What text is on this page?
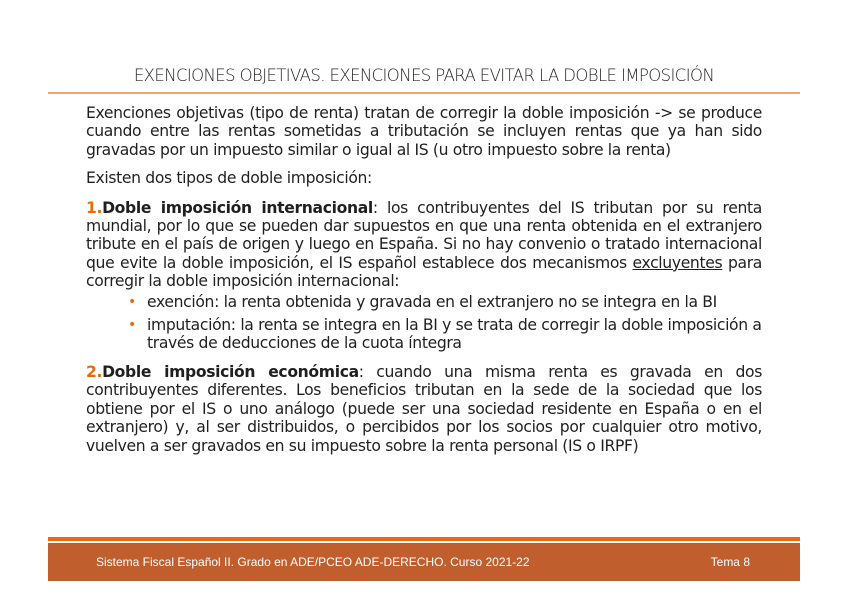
EXENCIONES OBJETIVAS. EXENCIONES PARA EVITAR LA DOBLE IMPOSICIÓN

Exenciones objetivas (tipo de renta) tratan de corregir la doble imposición -> se produce cuando entre las rentas sometidas a tributación se incluyen rentas que ya han sido gravadas por un impuesto similar o igual al IS (u otro impuesto sobre la renta)

Existen dos tipos de doble imposición:

1.Doble imposición internacional: los contribuyentes del IS tributan por su renta mundial, por lo que se pueden dar supuestos en que una renta obtenida en el extranjero tribute en el país de origen y luego en España. Si no hay convenio o tratado internacional que evite la doble imposición, el IS español establece dos mecanismos excluyentes para corregir la doble imposición internacional:

• exención: la renta obtenida y gravada en el extranjero no se integra en la BI
• imputación: la renta se integra en la BI y se trata de corregir la doble imposición a través de deducciones de la cuota íntegra

2.Doble imposición económica: cuando una misma renta es gravada en dos contribuyentes diferentes. Los beneficios tributan en la sede de la sociedad que los obtiene por el IS o uno análogo (puede ser una sociedad residente en España o en el extranjero) y, al ser distribuidos, o percibidos por los socios por cualquier otro motivo, vuelven a ser gravados en su impuesto sobre la renta personal (IS o IRPF)

Sistema Fiscal Español II. Grado en ADE/PCEO ADE-DERECHO. Curso 2021-22	Tema 8
